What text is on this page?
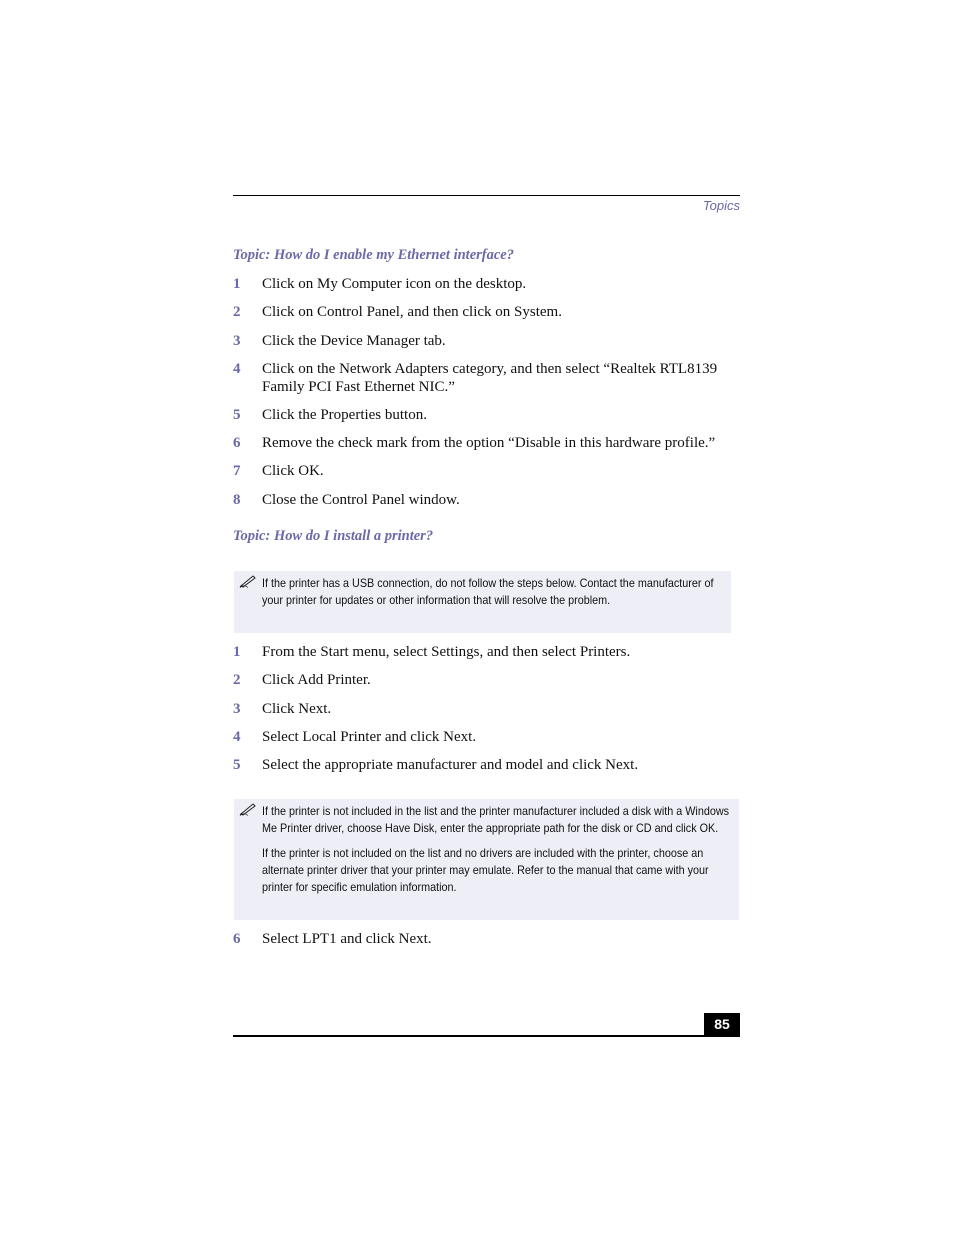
Topics
Topic: How do I enable my Ethernet interface?
1	Click on My Computer icon on the desktop.
2	Click on Control Panel, and then click on System.
3	Click the Device Manager tab.
4	Click on the Network Adapters category, and then select “Realtek RTL8139 Family PCI Fast Ethernet NIC.”
5	Click the Properties button.
6	Remove the check mark from the option “Disable in this hardware profile.”
7	Click OK.
8	Close the Control Panel window.
Topic: How do I install a printer?

If the printer has a USB connection, do not follow the steps below. Contact the manufacturer of your printer for updates or other information that will resolve the problem.

1	From the Start menu, select Settings, and then select Printers.
2	Click Add Printer.
3	Click Next.
4	Select Local Printer and click Next.
5	Select the appropriate manufacturer and model and click Next.

If the printer is not included in the list and the printer manufacturer included a disk with a Windows Me Printer driver, choose Have Disk, enter the appropriate path for the disk or CD and click OK.

If the printer is not included on the list and no drivers are included with the printer, choose an alternate printer driver that your printer may emulate. Refer to the manual that came with your printer for specific emulation information.

6	Select LPT1 and click Next.
85
